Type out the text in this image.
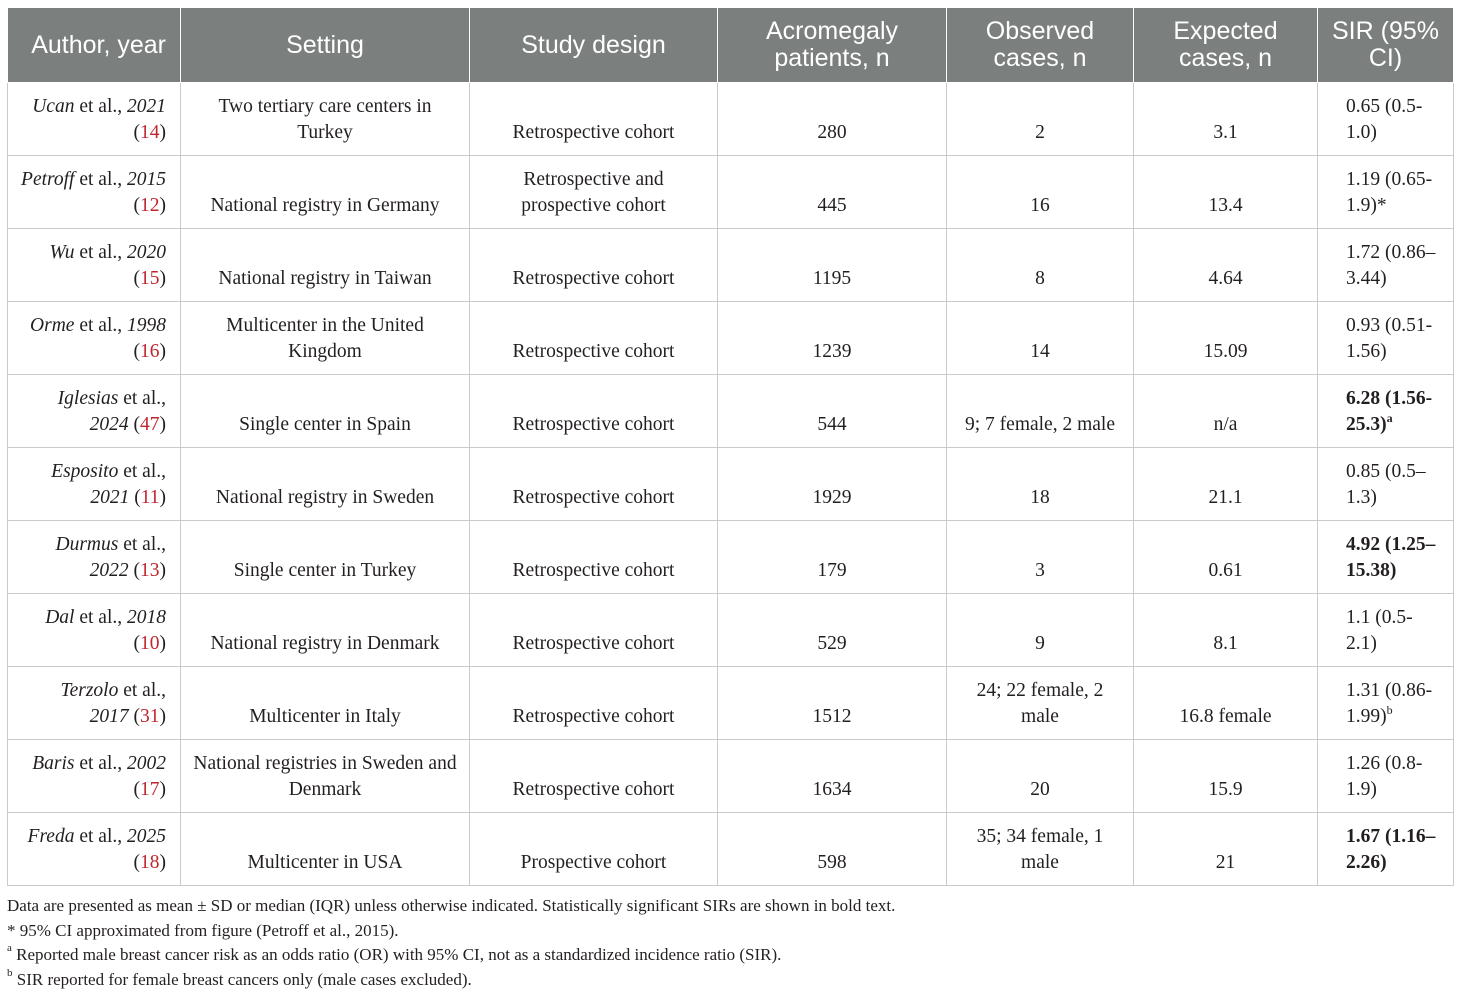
Author, year	Setting	Study design	Acromegaly patients, n	Observed cases, n	Expected cases, n	SIR (95% CI)
Ucan et al., 2021 (14)	Two tertiary care centers in Turkey	Retrospective cohort	280	2	3.1	0.65 (0.5-1.0)
Petroff et al., 2015 (12)	National registry in Germany	Retrospective and prospective cohort	445	16	13.4	1.19 (0.65-1.9)*
Wu et al., 2020 (15)	National registry in Taiwan	Retrospective cohort	1195	8	4.64	1.72 (0.86–3.44)
Orme et al., 1998 (16)	Multicenter in the United Kingdom	Retrospective cohort	1239	14	15.09	0.93 (0.51-1.56)
Iglesias et al., 2024 (47)	Single center in Spain	Retrospective cohort	544	9; 7 female, 2 male	n/a	6.28 $(1.56-25.3)^a$
Esposito et al., 2021 (11)	National registry in Sweden	Retrospective cohort	1929	18	21.1	0.85 (0.5–1.3)
Durmus et al., 2022 (13)	Single center in Turkey	Retrospective cohort	179	3	0.61	4.92 (1.25–15.38)
Dal et al., 2018 (10)	National registry in Denmark	Retrospective cohort	529	9	8.1	1.1 (0.5-2.1)
Terzolo et al., 2017 (31)	Multicenter in Italy	Retrospective cohort	1512	24; 22 female, 2 male	16.8 female	1.31 $(0.86-1.99)^b$
Baris et al., 2002 (17)	National registries in Sweden and Denmark	Retrospective cohort	1634	20	15.9	1.26 (0.8-1.9)
Freda et al., 2025 (18)	Multicenter in USA	Prospective cohort	598	35; 34 female, 1 male	21	1.67 (1.16–2.26)

Data are presented as mean ± SD or median (IQR) unless otherwise indicated. Statistically significant SIRs are shown in bold text.

* 95% CI approximated from figure (Petroff et al., 2015).

$^a$ Reported male breast cancer risk as an odds ratio (OR) with 95% CI, not as a standardized incidence ratio (SIR).

$^b$ SIR reported for female breast cancers only (male cases excluded).
